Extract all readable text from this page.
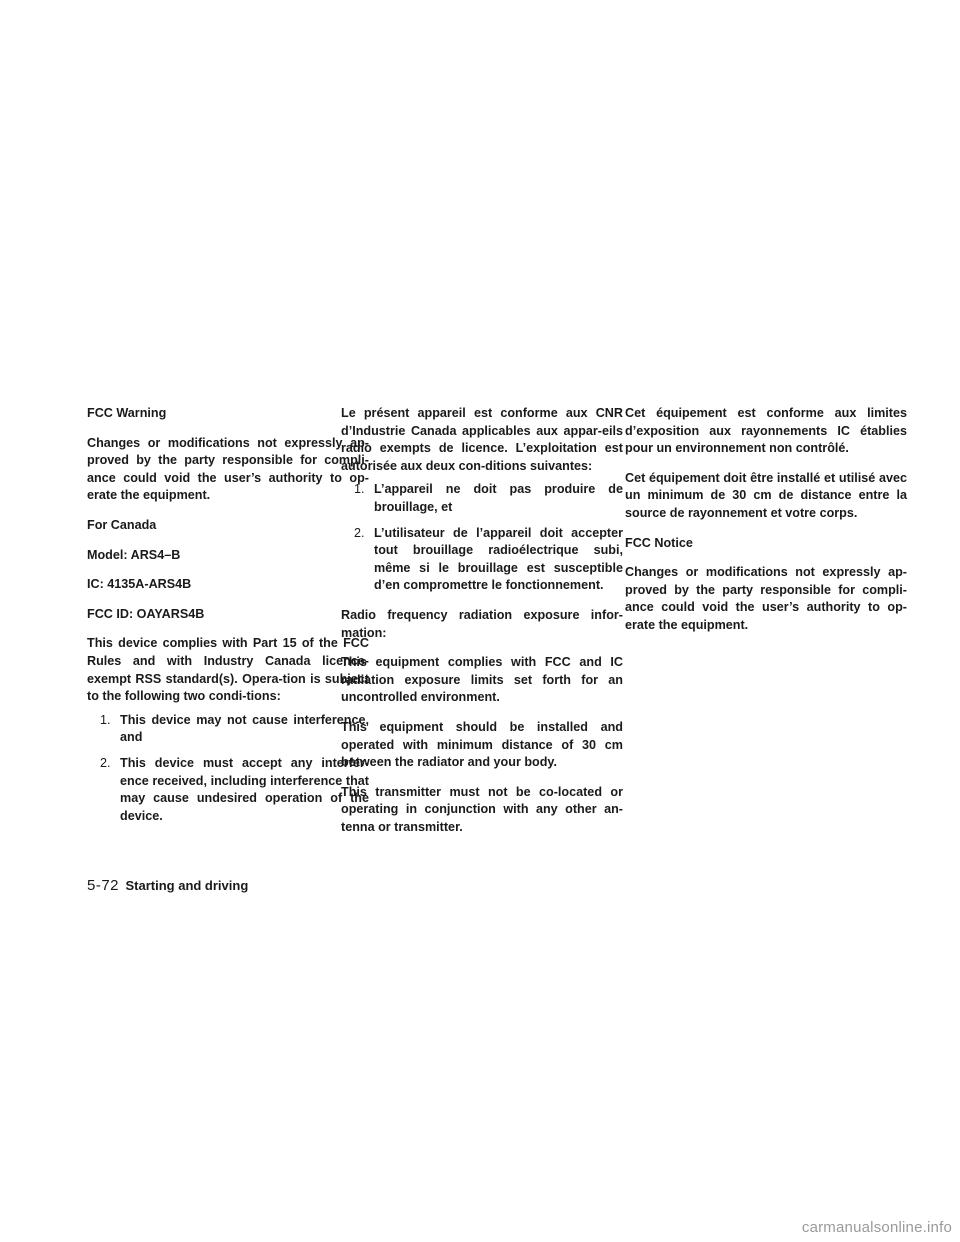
FCC Warning

Changes or modifications not expressly ap-proved by the party responsible for compli-ance could void the user’s authority to op-erate the equipment.

For Canada

Model: ARS4–B

IC: 4135A-ARS4B

FCC ID: OAYARS4B

This device complies with Part 15 of the FCC Rules and with Industry Canada licence-exempt RSS standard(s). Opera-tion is subject to the following two condi-tions:

1. This device may not cause interference, and
2. This device must accept any interfer-ence received, including interference that may cause undesired operation of the device.

Le présent appareil est conforme aux CNR d’Industrie Canada applicables aux appar-eils radio exempts de licence. L’exploitation est autorisée aux deux con-ditions suivantes:

1. L’appareil ne doit pas produire de brouillage, et
2. L’utilisateur de l’appareil doit accepter tout brouillage radioélectrique subi, même si le brouillage est susceptible d’en compromettre le fonctionnement.

Radio frequency radiation exposure infor-mation:

This equipment complies with FCC and IC radiation exposure limits set forth for an uncontrolled environment.

This equipment should be installed and operated with minimum distance of 30 cm between the radiator and your body.

This transmitter must not be co-located or operating in conjunction with any other an-tenna or transmitter.

Cet équipement est conforme aux limites d’exposition aux rayonnements IC établies pour un environnement non contrôlé.

Cet équipement doit être installé et utilisé avec un minimum de 30 cm de distance entre la source de rayonnement et votre corps.

FCC Notice

Changes or modifications not expressly ap-proved by the party responsible for compli-ance could void the user’s authority to op-erate the equipment.

5-72 Starting and driving
carmanualsonline.info
